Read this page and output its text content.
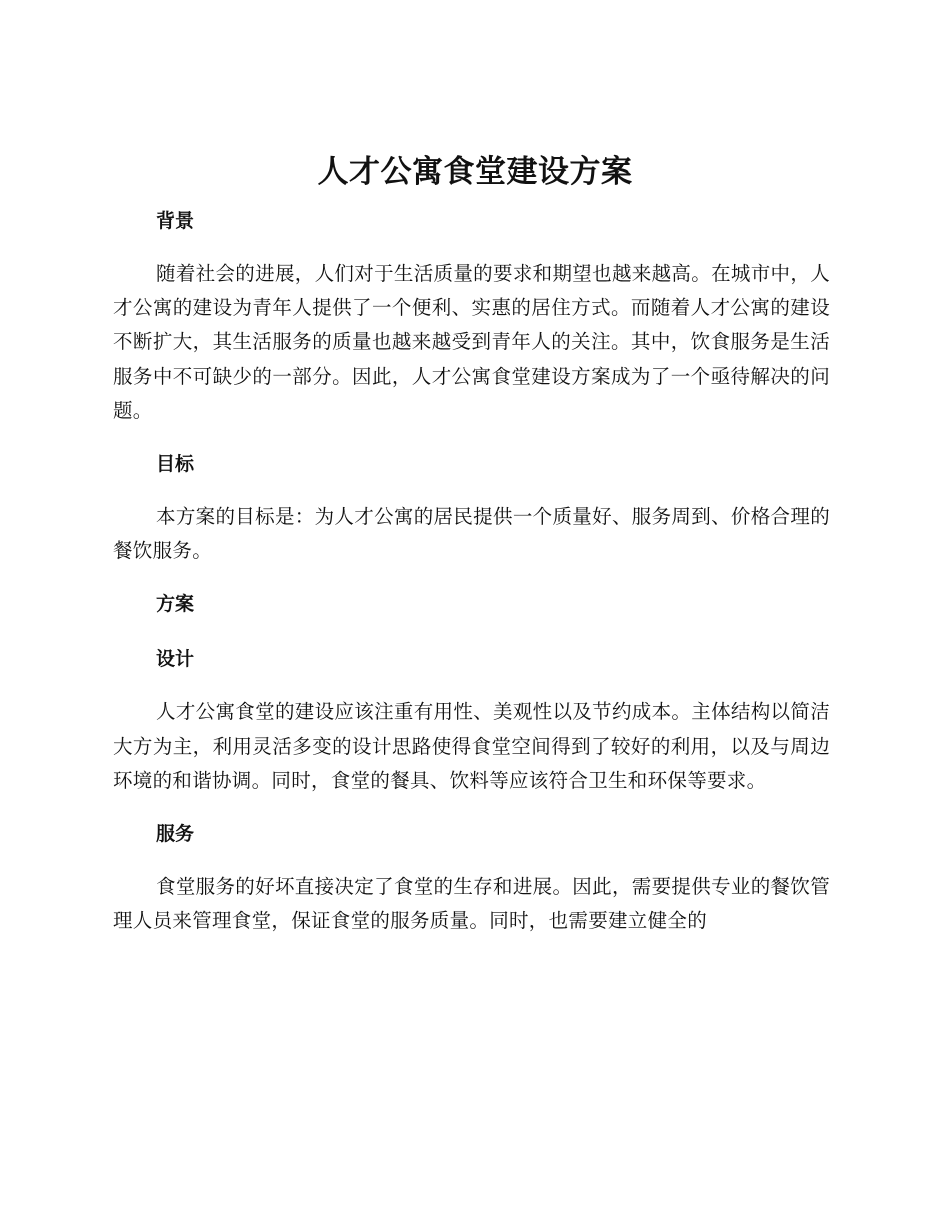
人才公寓食堂建设方案
背景

随着社会的进展，人们对于生活质量的要求和期望也越来越高。在城市中，人才公寓的建设为青年人提供了一个便利、实惠的居住方式。而随着人才公寓的建设不断扩大，其生活服务的质量也越来越受到青年人的关注。其中，饮食服务是生活服务中不可缺少的一部分。因此，人才公寓食堂建设方案成为了一个亟待解决的问题。

目标

本方案的目标是：为人才公寓的居民提供一个质量好、服务周到、价格合理的餐饮服务。

方案
设计

人才公寓食堂的建设应该注重有用性、美观性以及节约成本。主体结构以简洁大方为主，利用灵活多变的设计思路使得食堂空间得到了较好的利用，以及与周边环境的和谐协调。同时，食堂的餐具、饮料等应该符合卫生和环保等要求。

服务

食堂服务的好坏直接决定了食堂的生存和进展。因此，需要提供专业的餐饮管理人员来管理食堂，保证食堂的服务质量。同时，也需要建立健全的
